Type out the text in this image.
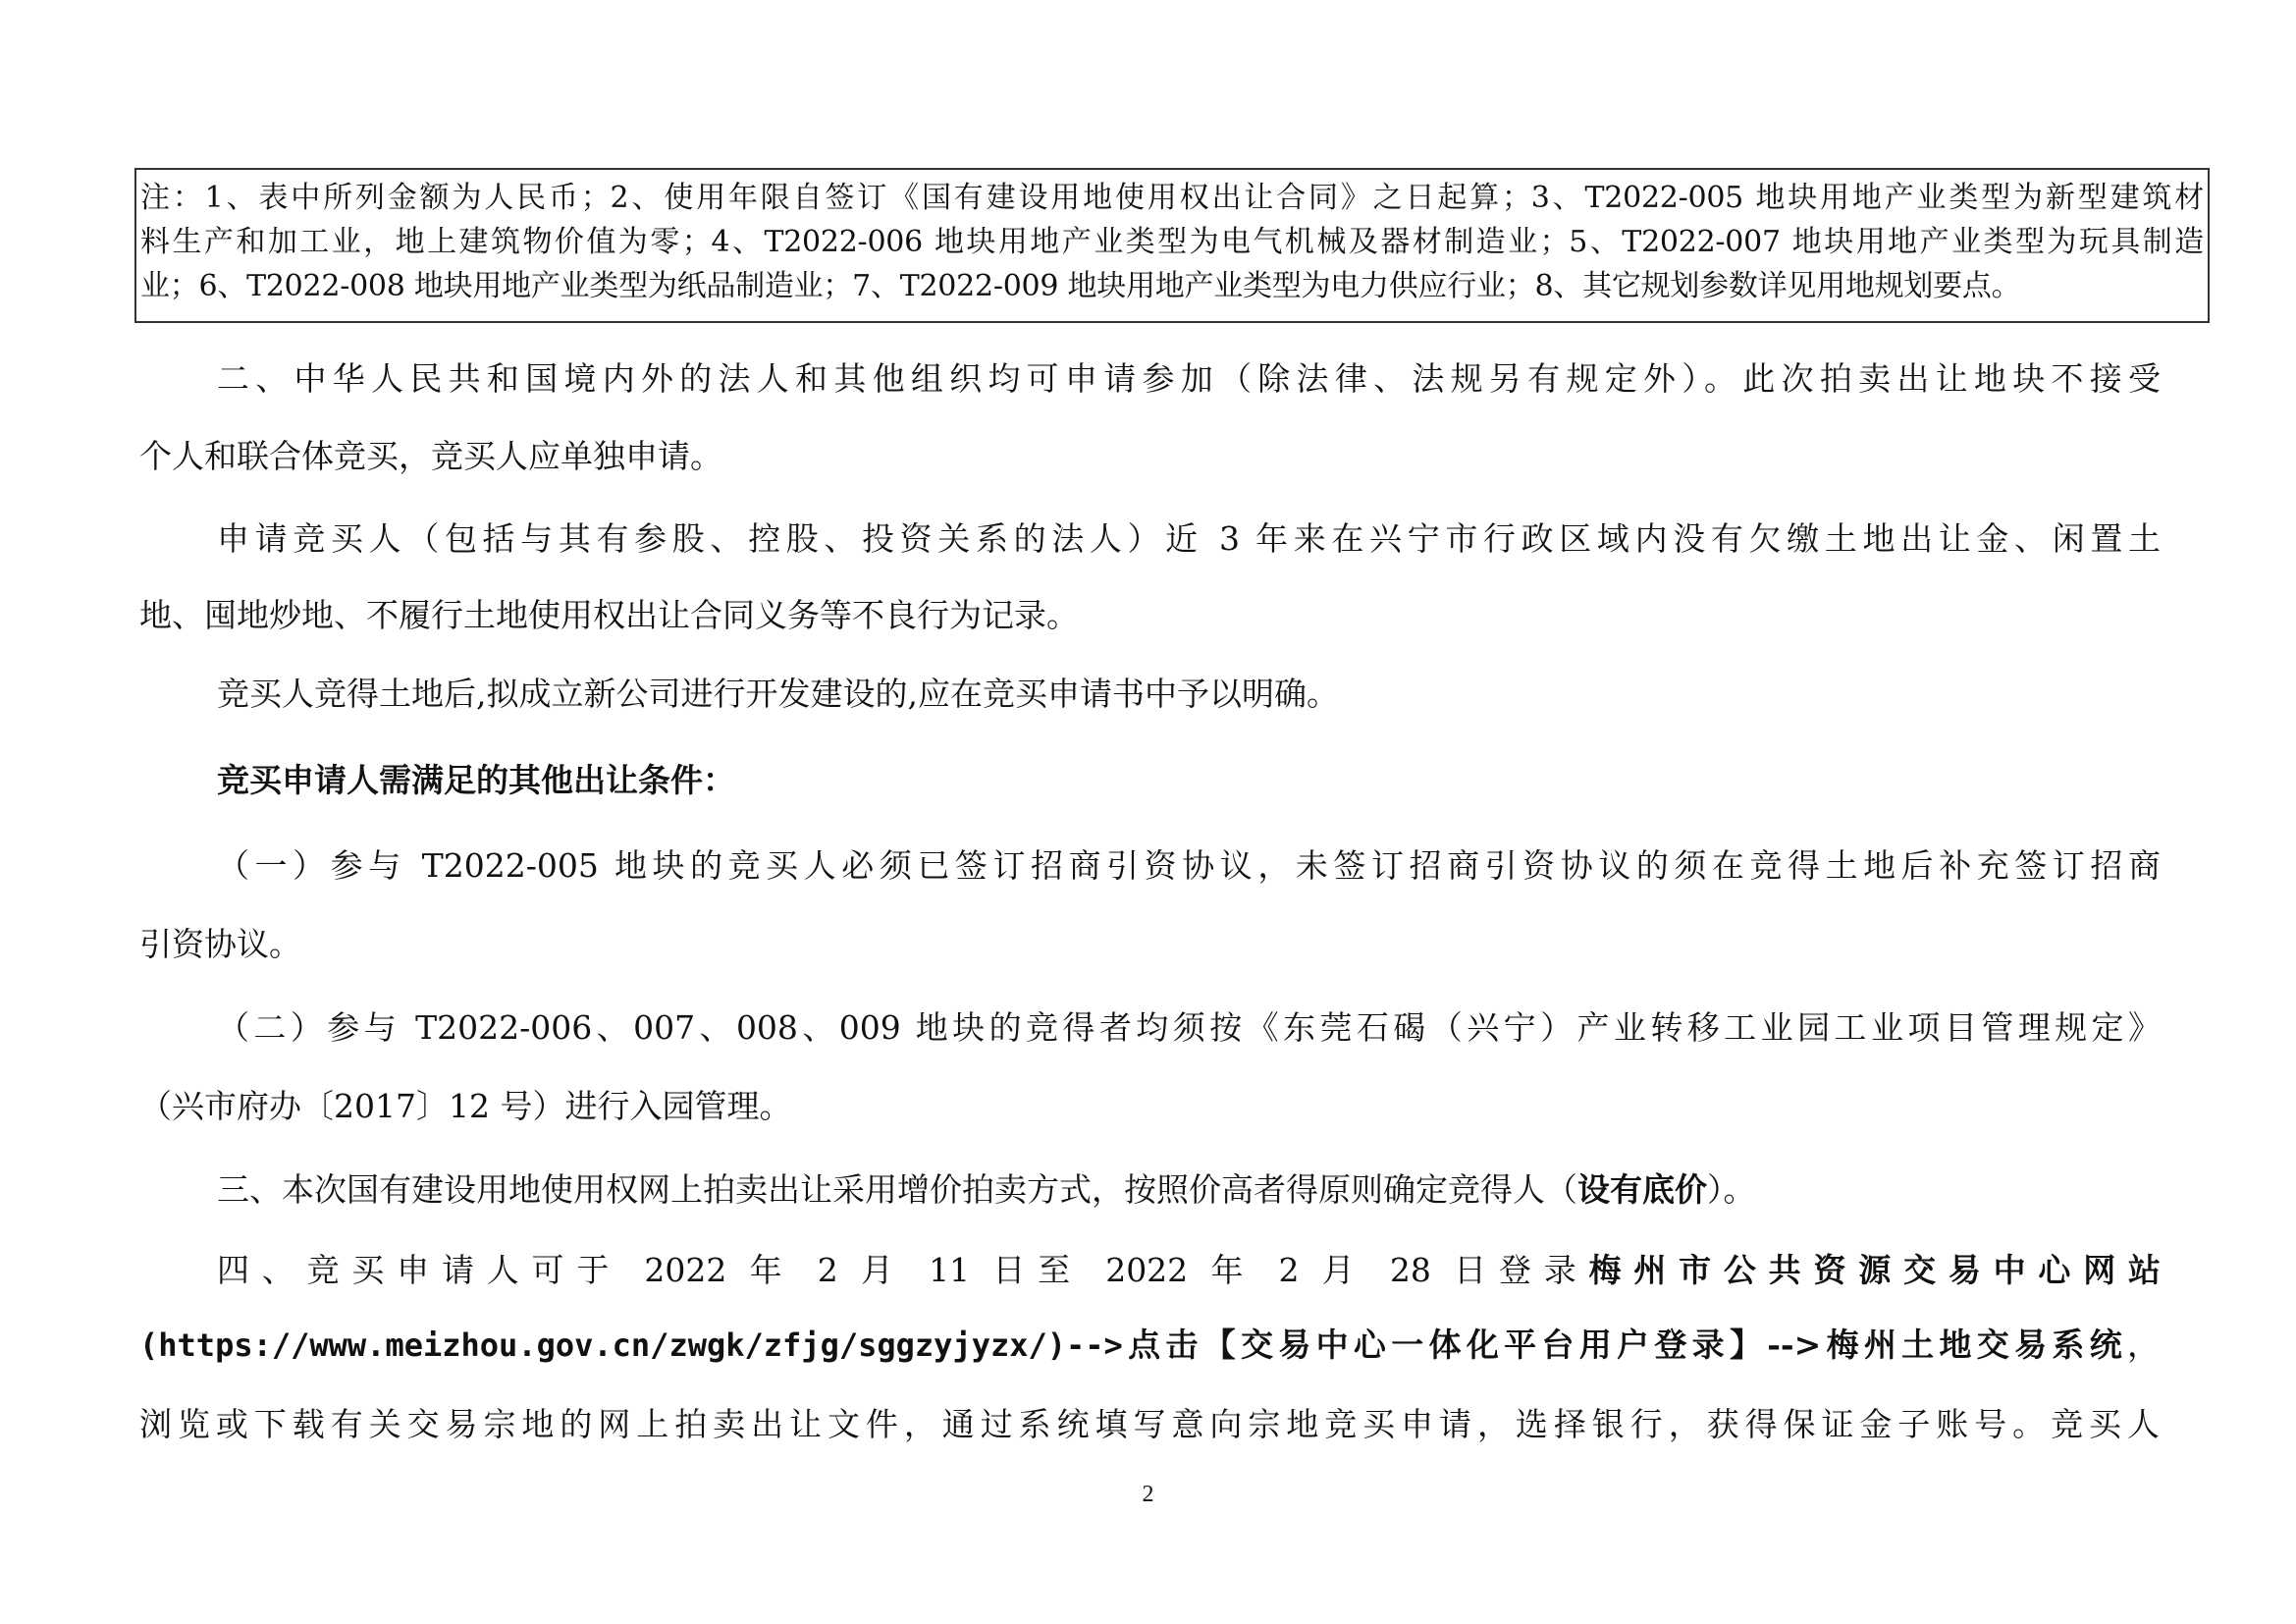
注：1、表中所列金额为人民币；2、使用年限自签订《国有建设用地使用权出让合同》之日起算；3、T2022-005 地块用地产业类型为新型建筑材
料生产和加工业，地上建筑物价值为零；4、T2022-006 地块用地产业类型为电气机械及器材制造业；5、T2022-007 地块用地产业类型为玩具制造
业；6、T2022-008 地块用地产业类型为纸品制造业；7、T2022-009 地块用地产业类型为电力供应行业；8、其它规划参数详见用地规划要点。
二、中华人民共和国境内外的法人和其他组织均可申请参加（除法律、法规另有规定外）。此次拍卖出让地块不接受
个人和联合体竞买，竞买人应单独申请。
申请竞买人（包括与其有参股、控股、投资关系的法人）近 3 年来在兴宁市行政区域内没有欠缴土地出让金、闲置土
地、囤地炒地、不履行土地使用权出让合同义务等不良行为记录。
竞买人竞得土地后,拟成立新公司进行开发建设的,应在竞买申请书中予以明确。
竞买申请人需满足的其他出让条件：
（一）参与 T2022-005 地块的竞买人必须已签订招商引资协议，未签订招商引资协议的须在竞得土地后补充签订招商
引资协议。
（二）参与 T2022-006、007、008、009 地块的竞得者均须按《东莞石碣（兴宁）产业转移工业园工业项目管理规定》
（兴市府办〔2017〕12 号）进行入园管理。
三、本次国有建设用地使用权网上拍卖出让采用增价拍卖方式，按照价高者得原则确定竞得人（设有底价）。
四、竞买申请人可于 2022 年 2 月 11 日至 2022 年 2 月 28 日登录梅州市公共资源交易中心网站
(https://www.meizhou.gov.cn/zwgk/zfjg/sggzyjyzx/)-->点击【交易中心一体化平台用户登录】-->梅州土地交易系统，
浏览或下载有关交易宗地的网上拍卖出让文件，通过系统填写意向宗地竞买申请，选择银行，获得保证金子账号。竞买人
2
